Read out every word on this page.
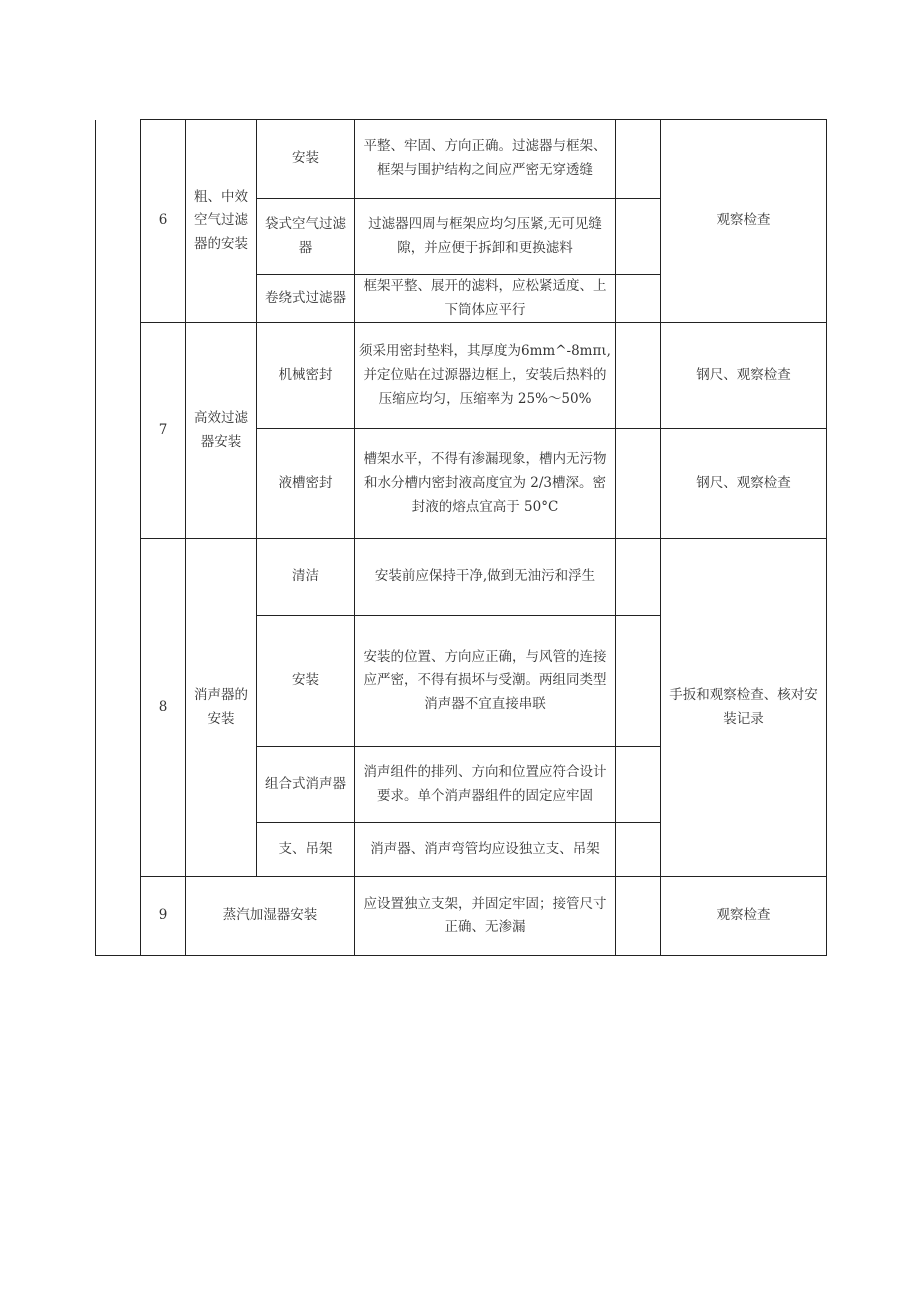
	6	粗、中效空气过滤器的安装	安装	平整、牢固、方向正确。过滤器与框架、框架与围护结构之间应严密无穿透缝		观察检查
			袋式空气过滤器	过滤器四周与框架应均匀压紧,无可见缝隙，并应便于拆卸和更换滤料		
			卷绕式过滤器	框架平整、展开的滤料，应松紧适度、上下筒体应平行		
	7	高效过滤器安装	机械密封	须采用密封垫料，其厚度为6mm^-8mπι,并定位贴在过源器边框上，安装后热料的压缩应均匀，压缩率为 25%～50%		钢尺、观察检查
			液槽密封	槽架水平，不得有渗漏现象，槽内无污物和水分槽内密封液高度宜为 2/3槽深。密封液的熔点宜高于 50°C		钢尺、观察检查
	8	消声器的安装	清洁	安装前应保持干净,做到无油污和浮生		手扳和观察检查、核对安装记录
			安装	安装的位置、方向应正确，与风管的连接应严密，不得有损坏与受潮。两组同类型消声器不宜直接串联		
			组合式消声器	消声组件的排列、方向和位置应符合设计要求。单个消声器组件的固定应牢固		
			支、吊架	消声器、消声弯管均应设独立支、吊架		
	9	蒸汽加湿器安装		应设置独立支架，并固定牢固；接管尺寸正确、无渗漏		观察检查
